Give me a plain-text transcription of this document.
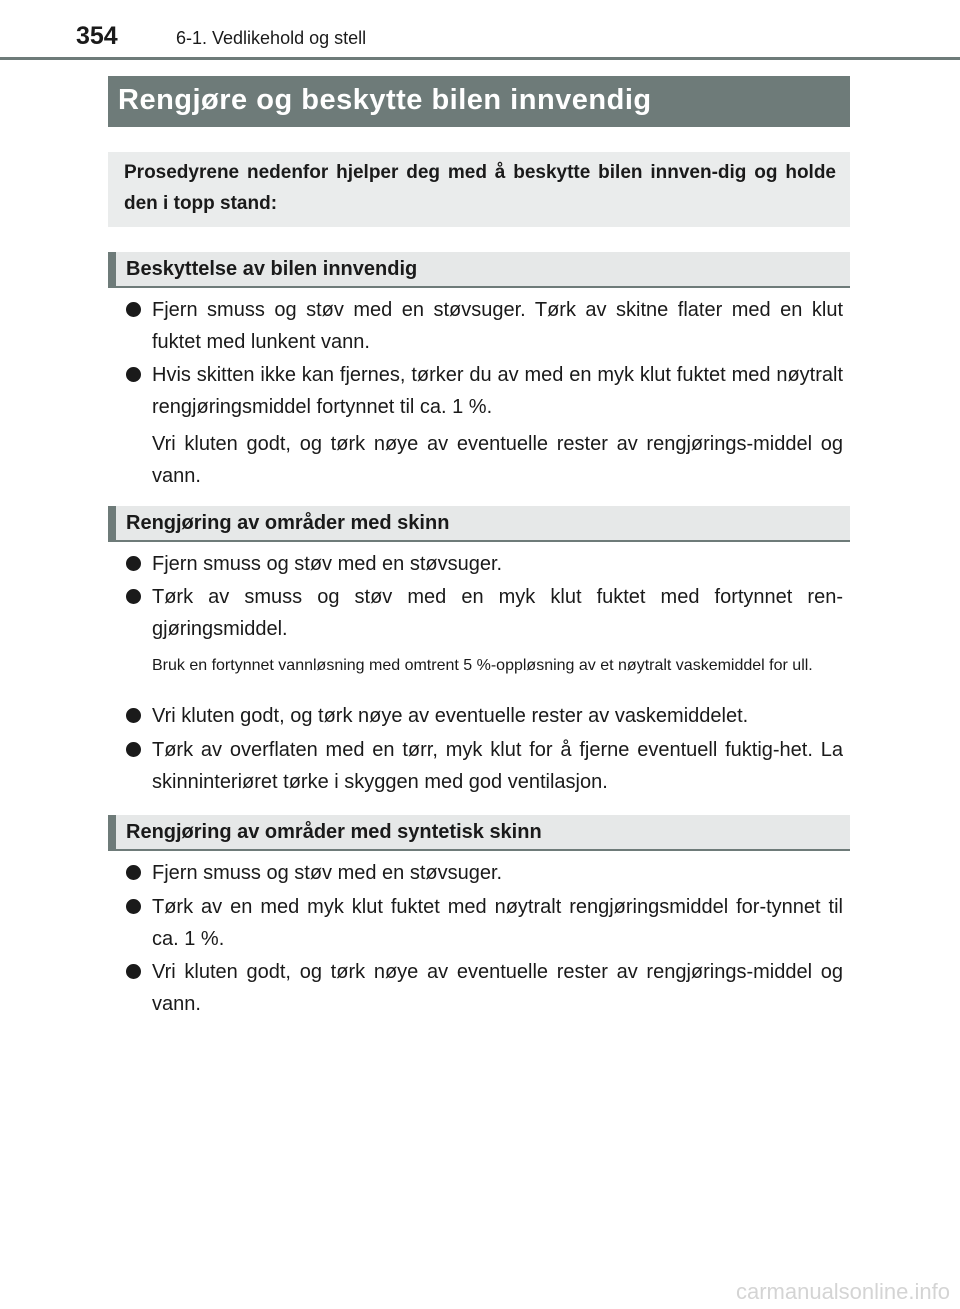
354	6-1. Vedlikehold og stell
Rengjøre og beskytte bilen innvendig
Prosedyrene nedenfor hjelper deg med å beskytte bilen innven-dig og holde den i topp stand:
Beskyttelse av bilen innvendig
Fjern smuss og støv med en støvsuger. Tørk av skitne flater med en klut fuktet med lunkent vann.
Hvis skitten ikke kan fjernes, tørker du av med en myk klut fuktet med nøytralt rengjøringsmiddel fortynnet til ca. 1 %.
Vri kluten godt, og tørk nøye av eventuelle rester av rengjørings-middel og vann.
Rengjøring av områder med skinn
Fjern smuss og støv med en støvsuger.
Tørk av smuss og støv med en myk klut fuktet med fortynnet ren-gjøringsmiddel.
Bruk en fortynnet vannløsning med omtrent 5 %-oppløsning av et nøytralt vaskemiddel for ull.
Vri kluten godt, og tørk nøye av eventuelle rester av vaskemiddelet.
Tørk av overflaten med en tørr, myk klut for å fjerne eventuell fuktig-het. La skinninteriøret tørke i skyggen med god ventilasjon.
Rengjøring av områder med syntetisk skinn
Fjern smuss og støv med en støvsuger.
Tørk av en med myk klut fuktet med nøytralt rengjøringsmiddel for-tynnet til ca. 1 %.
Vri kluten godt, og tørk nøye av eventuelle rester av rengjørings-middel og vann.
carmanualsonline.info
